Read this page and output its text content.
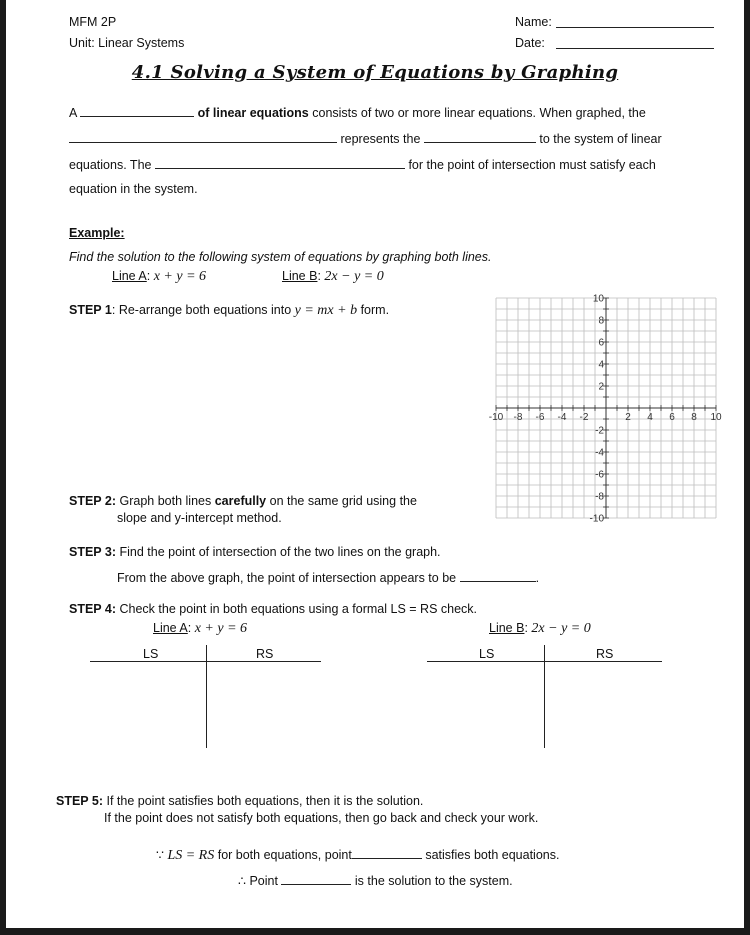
MFM 2P
Unit: Linear Systems
Name:
Date:
4.1 Solving a System of Equations by Graphing
A	of linear equations consists of two or more linear equations. When graphed, the
represents the	to the system of linear
equations. The	for the point of intersection must satisfy each
equation in the system.
Example:
Find the solution to the following system of equations by graphing both lines.
Line A: x + y = 6	Line B: 2x − y = 0
STEP 1: Re-arrange both equations into y = mx + b form.
-10 -8 -6 -4 -2	2 4 6 8 10
10
8
6
4
2
-2
-4
-6
-8
-10
STEP 2: Graph both lines carefully on the same grid using the
slope and y-intercept method.
STEP 3: Find the point of intersection of the two lines on the graph.
From the above graph, the point of intersection appears to be	.
STEP 4: Check the point in both equations using a formal LS = RS check.
Line A: x + y = 6	Line B: 2x − y = 0
LS	RS	LS	RS
STEP 5: If the point satisfies both equations, then it is the solution.
If the point does not satisfy both equations, then go back and check your work.
∵ LS = RS for both equations, point	satisfies both equations.
∴ Point	is the solution to the system.
